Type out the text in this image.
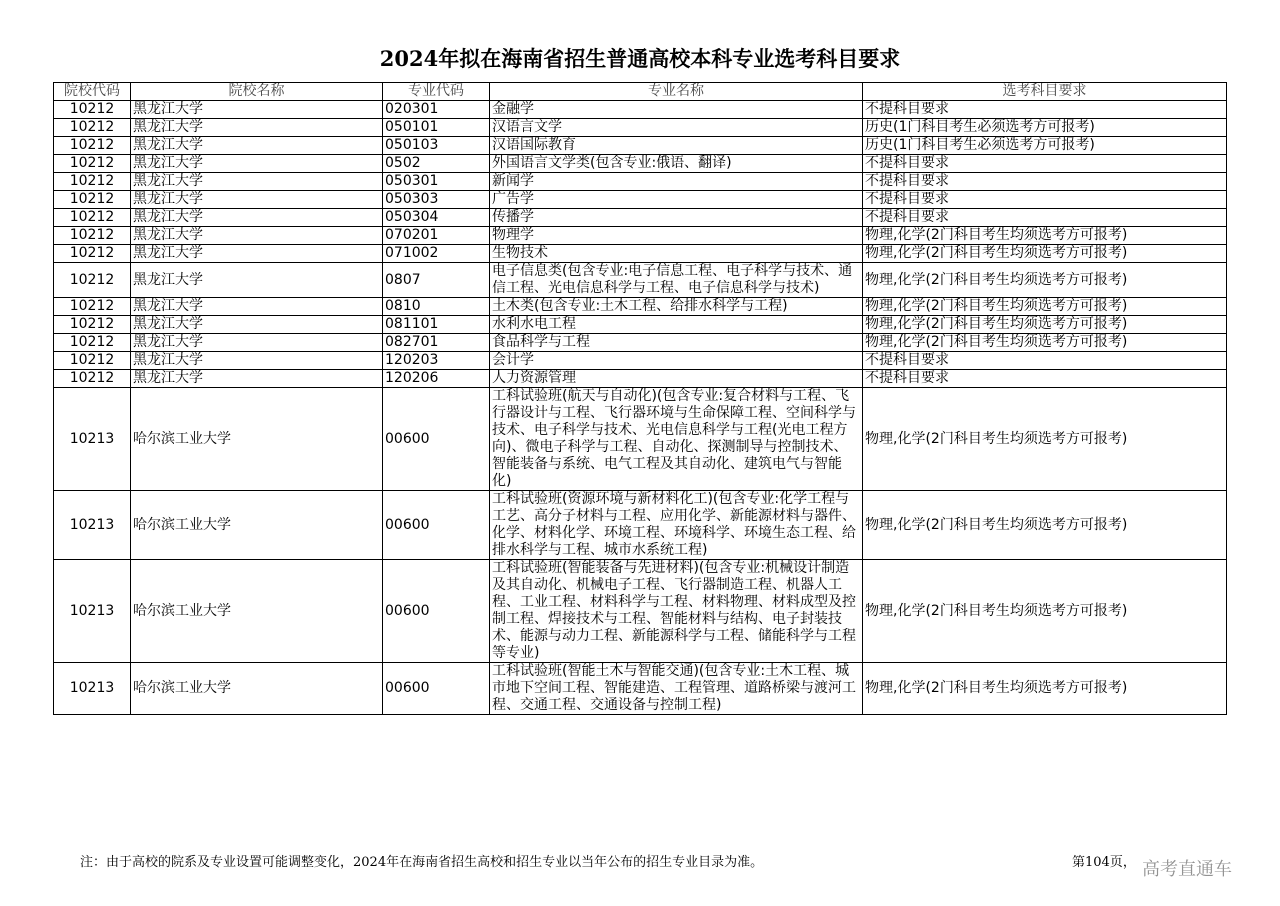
2024年拟在海南省招生普通高校本科专业选考科目要求
院校代码	院校名称	专业代码	专业名称	选考科目要求
10212	黑龙江大学	020301	金融学	不提科目要求
10212	黑龙江大学	050101	汉语言文学	历史(1门科目考生必须选考方可报考)
10212	黑龙江大学	050103	汉语国际教育	历史(1门科目考生必须选考方可报考)
10212	黑龙江大学	0502	外国语言文学类(包含专业:俄语、翻译)	不提科目要求
10212	黑龙江大学	050301	新闻学	不提科目要求
10212	黑龙江大学	050303	广告学	不提科目要求
10212	黑龙江大学	050304	传播学	不提科目要求
10212	黑龙江大学	070201	物理学	物理,化学(2门科目考生均须选考方可报考)
10212	黑龙江大学	071002	生物技术	物理,化学(2门科目考生均须选考方可报考)
10212	黑龙江大学	0807	电子信息类(包含专业:电子信息工程、电子科学与技术、通信工程、光电信息科学与工程、电子信息科学与技术)	物理,化学(2门科目考生均须选考方可报考)
10212	黑龙江大学	0810	土木类(包含专业:土木工程、给排水科学与工程)	物理,化学(2门科目考生均须选考方可报考)
10212	黑龙江大学	081101	水利水电工程	物理,化学(2门科目考生均须选考方可报考)
10212	黑龙江大学	082701	食品科学与工程	物理,化学(2门科目考生均须选考方可报考)
10212	黑龙江大学	120203	会计学	不提科目要求
10212	黑龙江大学	120206	人力资源管理	不提科目要求
10213	哈尔滨工业大学	00600	工科试验班(航天与自动化)(包含专业:复合材料与工程、飞行器设计与工程、飞行器环境与生命保障工程、空间科学与技术、电子科学与技术、光电信息科学与工程(光电工程方向)、微电子科学与工程、自动化、探测制导与控制技术、智能装备与系统、电气工程及其自动化、建筑电气与智能化)	物理,化学(2门科目考生均须选考方可报考)
10213	哈尔滨工业大学	00600	工科试验班(资源环境与新材料化工)(包含专业:化学工程与工艺、高分子材料与工程、应用化学、新能源材料与器件、化学、材料化学、环境工程、环境科学、环境生态工程、给排水科学与工程、城市水系统工程)	物理,化学(2门科目考生均须选考方可报考)
10213	哈尔滨工业大学	00600	工科试验班(智能装备与先进材料)(包含专业:机械设计制造及其自动化、机械电子工程、飞行器制造工程、机器人工程、工业工程、材料科学与工程、材料物理、材料成型及控制工程、焊接技术与工程、智能材料与结构、电子封装技术、能源与动力工程、新能源科学与工程、储能科学与工程等专业)	物理,化学(2门科目考生均须选考方可报考)
10213	哈尔滨工业大学	00600	工科试验班(智能土木与智能交通)(包含专业:土木工程、城市地下空间工程、智能建造、工程管理、道路桥梁与渡河工程、交通工程、交通设备与控制工程)	物理,化学(2门科目考生均须选考方可报考)
注：由于高校的院系及专业设置可能调整变化，2024年在海南省招生高校和招生专业以当年公布的招生专业目录为准。	第104页， 高考直通车
